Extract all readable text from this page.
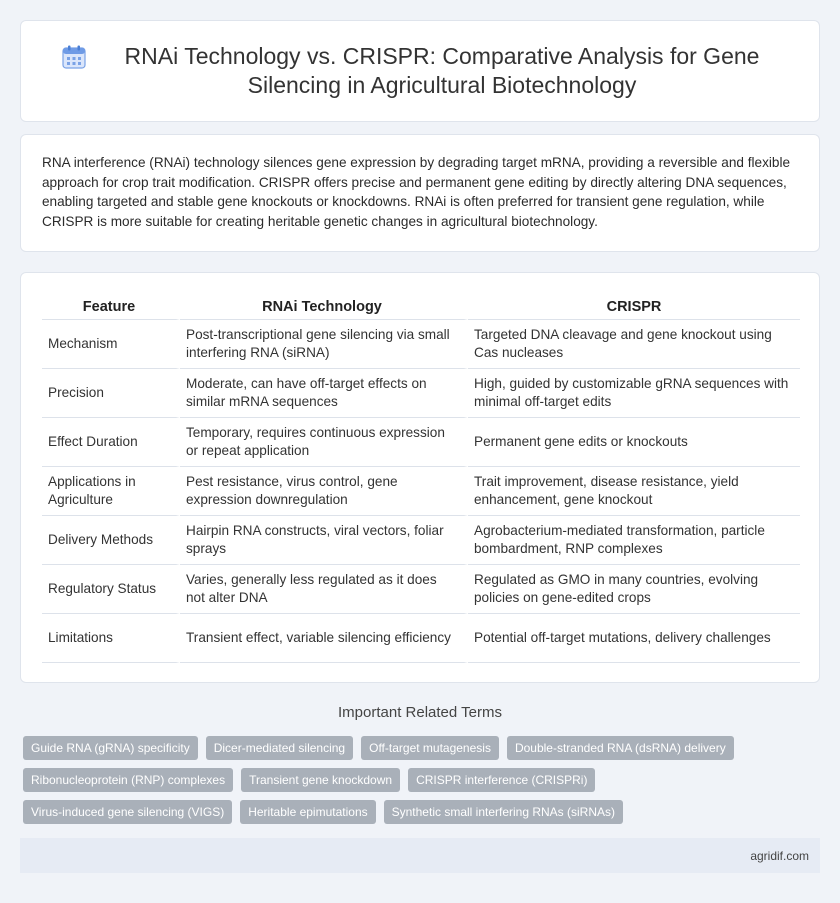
RNAi Technology vs. CRISPR: Comparative Analysis for Gene Silencing in Agricultural Biotechnology

RNA interference (RNAi) technology silences gene expression by degrading target mRNA, providing a reversible and flexible approach for crop trait modification. CRISPR offers precise and permanent gene editing by directly altering DNA sequences, enabling targeted and stable gene knockouts or knockdowns. RNAi is often preferred for transient gene regulation, while CRISPR is more suitable for creating heritable genetic changes in agricultural biotechnology.

Feature	RNAi Technology	CRISPR
Mechanism	Post-transcriptional gene silencing via small interfering RNA (siRNA)	Targeted DNA cleavage and gene knockout using Cas nucleases
Precision	Moderate, can have off-target effects on similar mRNA sequences	High, guided by customizable gRNA sequences with minimal off-target edits
Effect Duration	Temporary, requires continuous expression or repeat application	Permanent gene edits or knockouts
Applications in Agriculture	Pest resistance, virus control, gene expression downregulation	Trait improvement, disease resistance, yield enhancement, gene knockout
Delivery Methods	Hairpin RNA constructs, viral vectors, foliar sprays	Agrobacterium-mediated transformation, particle bombardment, RNP complexes
Regulatory Status	Varies, generally less regulated as it does not alter DNA	Regulated as GMO in many countries, evolving policies on gene-edited crops
Limitations	Transient effect, variable silencing efficiency	Potential off-target mutations, delivery challenges
Important Related Terms
Guide RNA (gRNA) specificity	Dicer-mediated silencing	Off-target mutagenesis	Double-stranded RNA (dsRNA) delivery
Ribonucleoprotein (RNP) complexes	Transient gene knockdown	CRISPR interference (CRISPRi)
Virus-induced gene silencing (VIGS)	Heritable epimutations	Synthetic small interfering RNAs (siRNAs)
agridif.com
